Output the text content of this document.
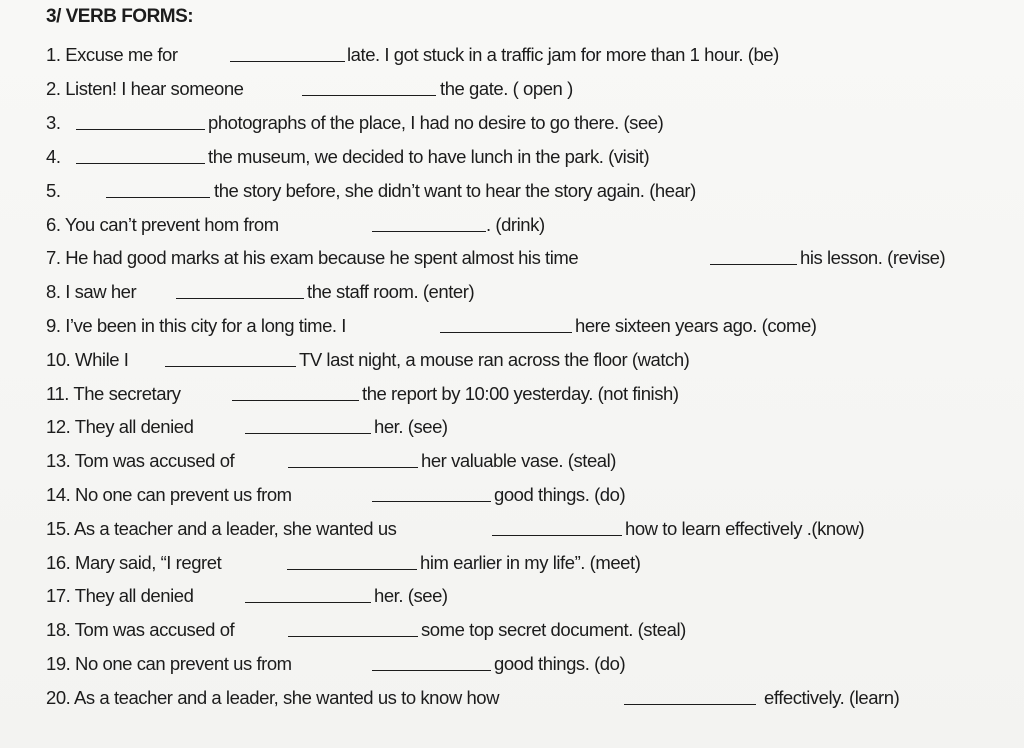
3/ VERB FORMS:
1. Excuse me for	late. I got stuck in a traffic jam for more than 1 hour. (be)
2. Listen! I hear someone	the gate. ( open )
3.	photographs of the place, I had no desire to go there. (see)
4.	the museum, we decided to have lunch in the park. (visit)
5.	the story before, she didn’t want to hear the story again. (hear)
6. You can’t prevent hom from	. (drink)
7. He had good marks at his exam because he spent almost his time	his lesson. (revise)
8. I saw her	the staff room. (enter)
9. I’ve been in this city for a long time. I	here sixteen years ago. (come)
10. While I	TV last night, a mouse ran across the floor (watch)
11. The secretary	the report by 10:00 yesterday. (not finish)
12. They all denied	her. (see)
13. Tom was accused of	her valuable vase. (steal)
14. No one can prevent us from	good things. (do)
15. As a teacher and a leader, she wanted us	how to learn effectively .(know)
16. Mary said, “I regret	him earlier in my life”. (meet)
17. They all denied	her. (see)
18. Tom was accused of	some top secret document. (steal)
19. No one can prevent us from	good things. (do)
20. As a teacher and a leader, she wanted us to know how	effectively. (learn)
